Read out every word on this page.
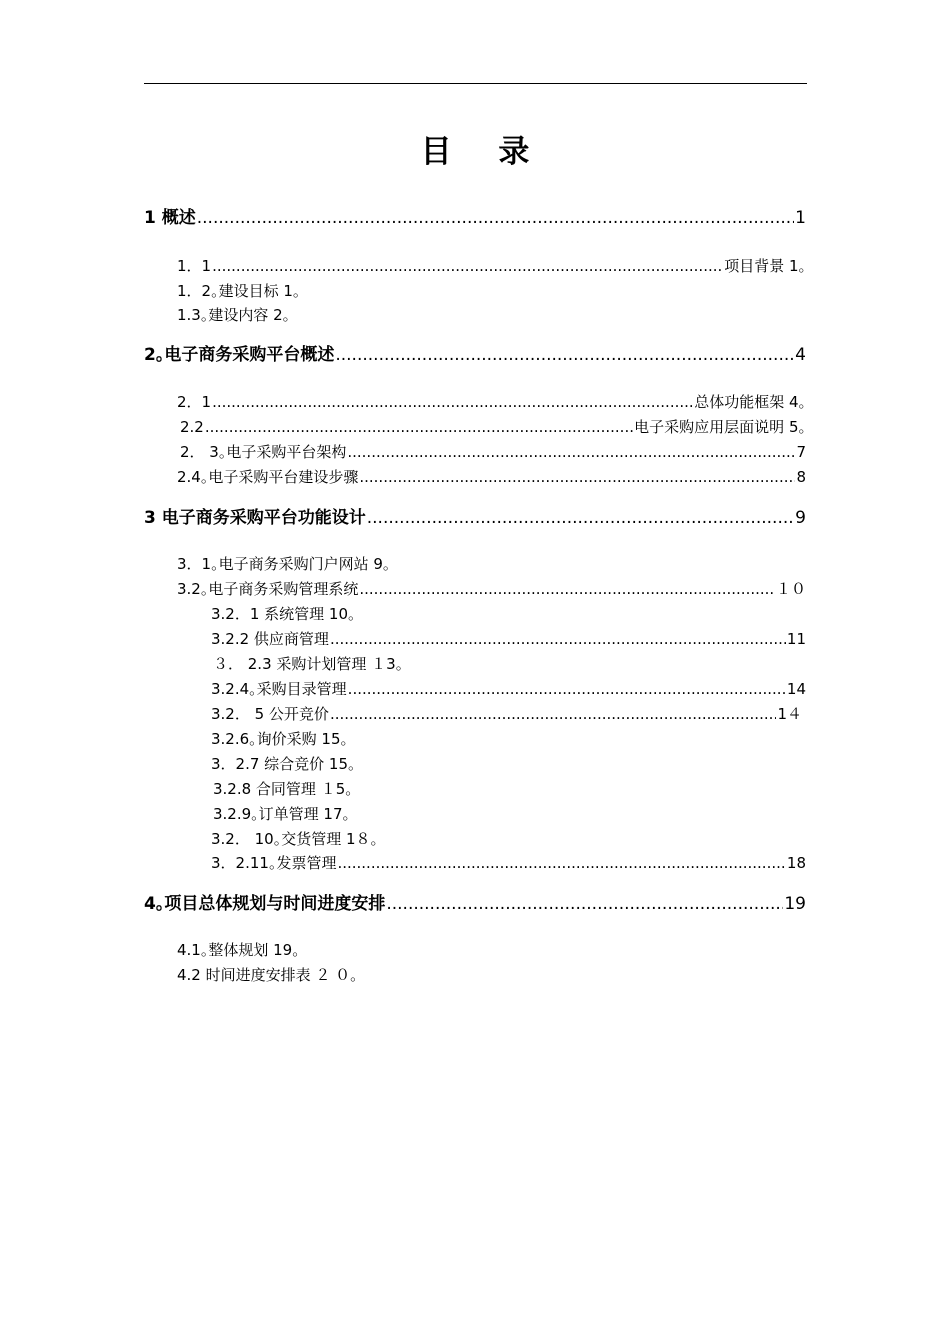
目 录
1 概述 .....	1
1．1 .....	项目背景 1｡
1．2｡建设目标 1｡
1.3｡建设内容 2｡
2｡电子商务采购平台概述 .....	4
2．1 .....	总体功能框架 4｡
2.2 .....	电子采购应用层面说明 5｡
2． 3｡电子采购平台架构 .....	7
2.4｡电子采购平台建设步骤 .....	8
3 电子商务采购平台功能设计 .....	9
3．1｡电子商务采购门户网站 9｡
3.2｡电子商务采购管理系统 .....	１０
3.2．1 系统管理 10｡
3.2.2 供应商管理 .....	11
３． 2.3 采购计划管理 １3｡
3.2.4｡采购目录管理 .....	14
3.2． 5 公开竞价 .....	1４
3.2.6｡询价采购 15｡
3．2.7 综合竞价 15｡
3.2.8 合同管理 １5｡
3.2.9｡订单管理 17｡
3.2． 10｡交货管理 1８｡
3．2.11｡发票管理 .....	18
4｡项目总体规划与时间进度安排 .....	19
4.1｡整体规划 19｡
4.2 时间进度安排表 ２ ０｡
